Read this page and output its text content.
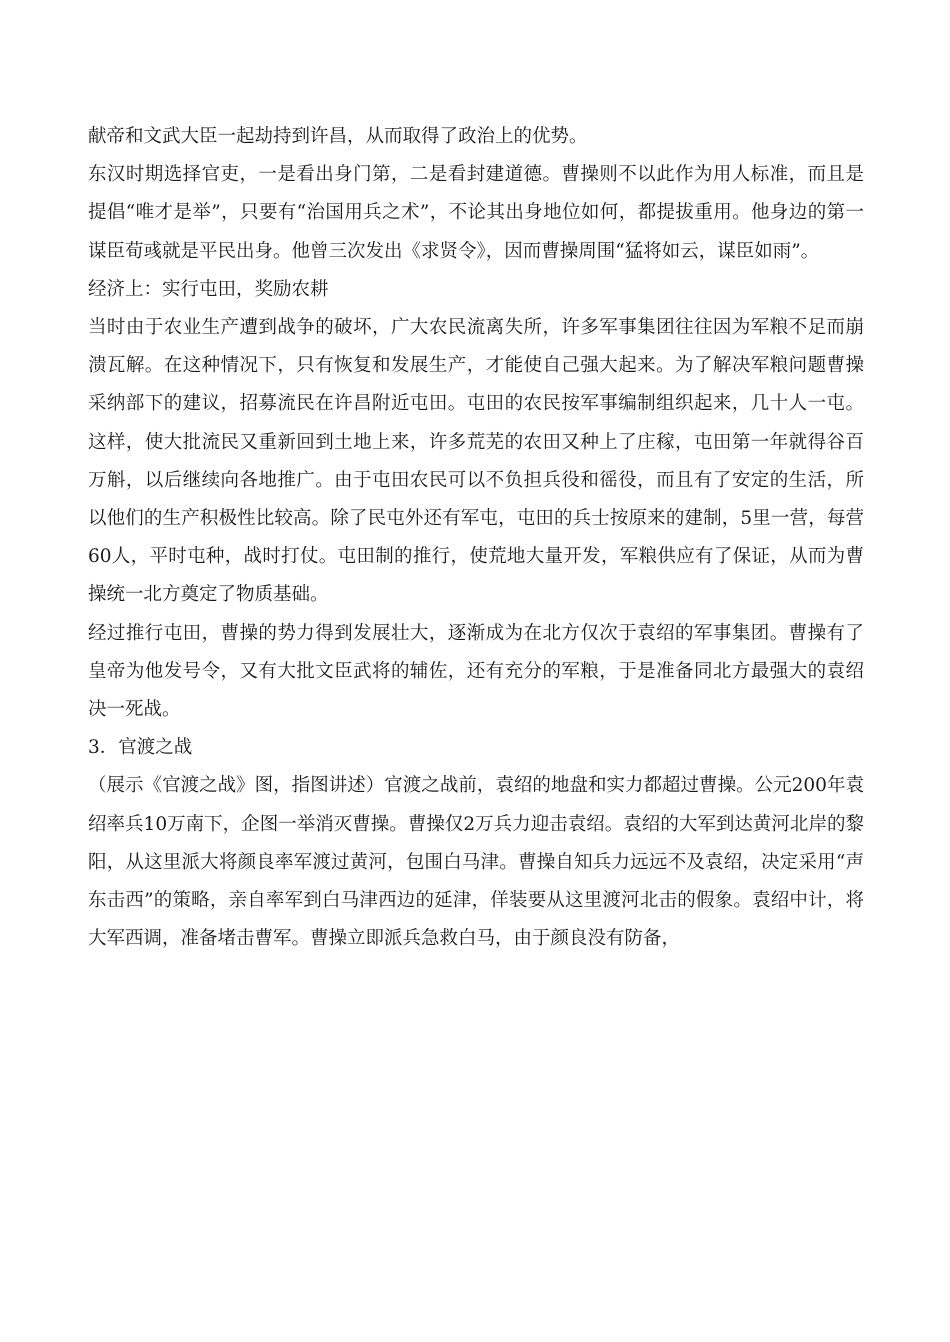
献帝和文武大臣一起劫持到许昌，从而取得了政治上的优势。

东汉时期选择官吏，一是看出身门第，二是看封建道德。曹操则不以此作为用人标准，而且是提倡“唯才是举”，只要有“治国用兵之术”，不论其出身地位如何，都提拔重用。他身边的第一谋臣荀彧就是平民出身。他曾三次发出《求贤令》，因而曹操周围“猛将如云，谋臣如雨”。

经济上：实行屯田，奖励农耕

当时由于农业生产遭到战争的破坏，广大农民流离失所，许多军事集团往往因为军粮不足而崩溃瓦解。在这种情况下，只有恢复和发展生产，才能使自己强大起来。为了解决军粮问题曹操采纳部下的建议，招募流民在许昌附近屯田。屯田的农民按军事编制组织起来，几十人一屯。这样，使大批流民又重新回到土地上来，许多荒芜的农田又种上了庄稼，屯田第一年就得谷百万斛，以后继续向各地推广。由于屯田农民可以不负担兵役和徭役，而且有了安定的生活，所以他们的生产积极性比较高。除了民屯外还有军屯，屯田的兵士按原来的建制，5里一营，每营60人，平时屯种，战时打仗。屯田制的推行，使荒地大量开发，军粮供应有了保证，从而为曹操统一北方奠定了物质基础。

经过推行屯田，曹操的势力得到发展壮大，逐渐成为在北方仅次于袁绍的军事集团。曹操有了皇帝为他发号令，又有大批文臣武将的辅佐，还有充分的军粮，于是准备同北方最强大的袁绍决一死战。

3．官渡之战

（展示《官渡之战》图，指图讲述）官渡之战前，袁绍的地盘和实力都超过曹操。公元200年袁绍率兵10万南下，企图一举消灭曹操。曹操仅2万兵力迎击袁绍。袁绍的大军到达黄河北岸的黎阳，从这里派大将颜良率军渡过黄河，包围白马津。曹操自知兵力远远不及袁绍，决定采用“声东击西”的策略，亲自率军到白马津西边的延津，佯装要从这里渡河北击的假象。袁绍中计，将大军西调，准备堵击曹军。曹操立即派兵急救白马，由于颜良没有防备，
